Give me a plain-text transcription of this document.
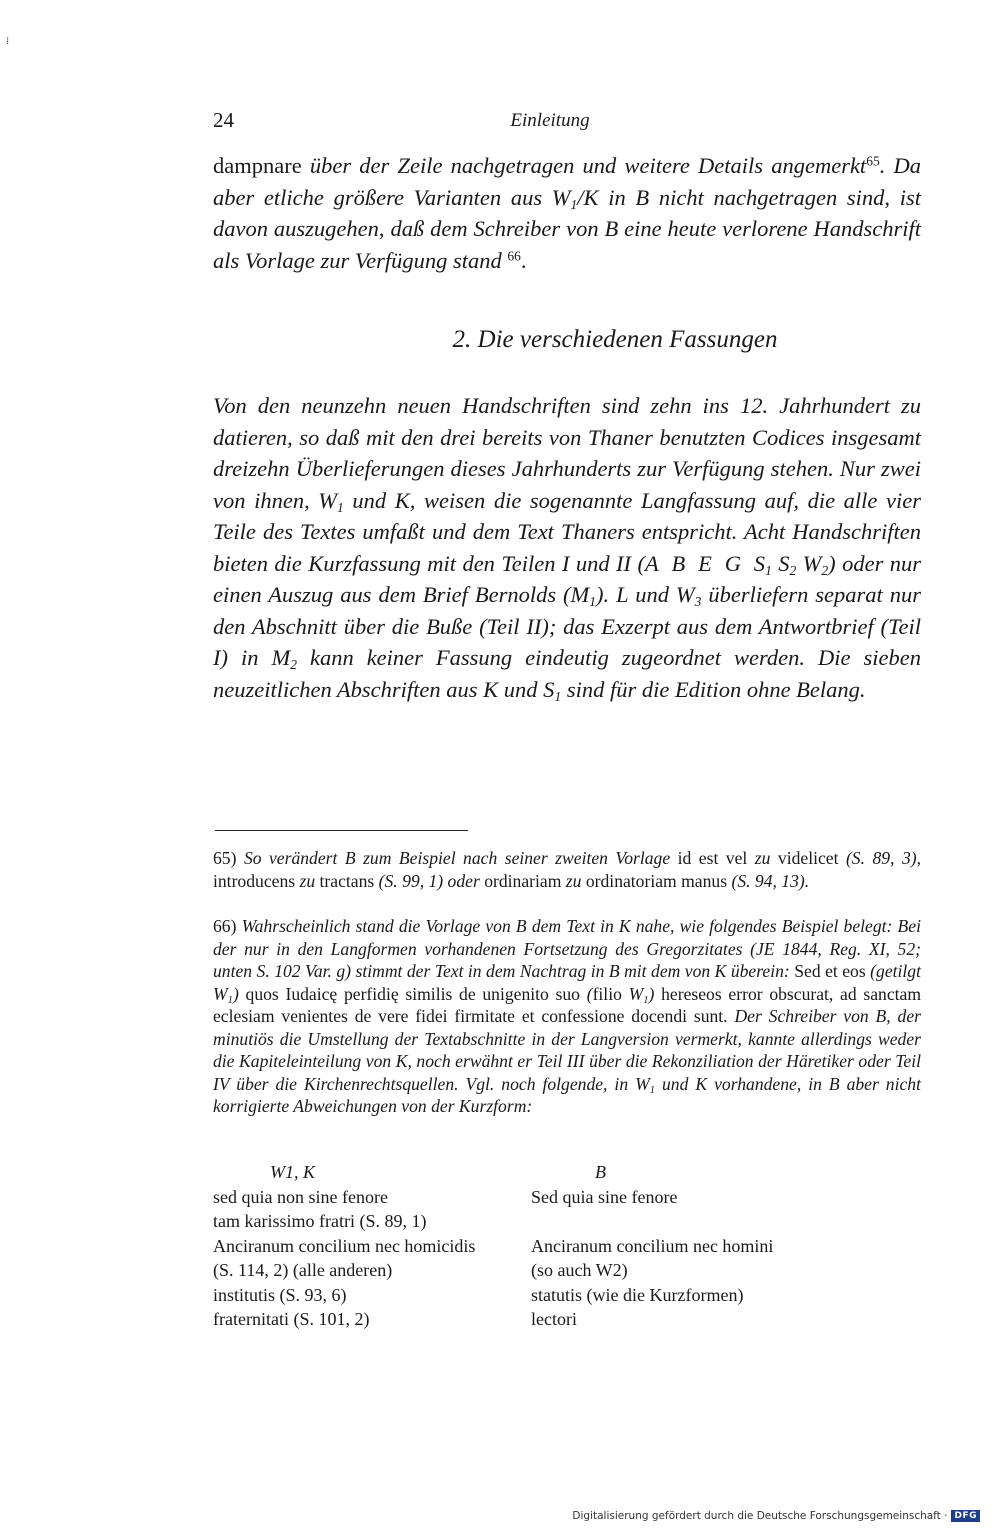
⁞
24	Einleitung

dampnare über der Zeile nachgetragen und weitere Details angemerkt$^{65}$. Da aber etliche größere Varianten aus $W_1/K$ in B nicht nachgetragen sind, ist davon auszugehen, daß dem Schreiber von B eine heute verlorene Handschrift als Vorlage zur Verfügung stand $^{66}$.

2. Die verschiedenen Fassungen

Von den neunzehn neuen Handschriften sind zehn ins 12. Jahrhundert zu datieren, so daß mit den drei bereits von Thaner benutzten Codices insgesamt dreizehn Überlieferungen dieses Jahrhunderts zur Verfügung stehen. Nur zwei von ihnen, $W_1$ und K, weisen die sogenannte Langfassung auf, die alle vier Teile des Textes umfaßt und dem Text Thaners entspricht. Acht Handschriften bieten die Kurzfassung mit den Teilen I und II (A  B  E  G  $S_1$ $S_2$ $W_2$) oder nur einen Auszug aus dem Brief Bernolds $(M_1)$. L und $W_3$ überliefern separat nur den Abschnitt über die Buße (Teil II); das Exzerpt aus dem Antwortbrief (Teil I) in $M_2$ kann keiner Fassung eindeutig zugeordnet werden. Die sieben neuzeitlichen Abschriften aus K und $S_1$ sind für die Edition ohne Belang.

65) So verändert B zum Beispiel nach seiner zweiten Vorlage id est vel zu videlicet (S. 89, 3), introducens zu tractans (S. 99, 1) oder ordinariam zu ordinatoriam manus (S. 94, 13).

66) Wahrscheinlich stand die Vorlage von B dem Text in K nahe, wie folgendes Beispiel belegt: Bei der nur in den Langformen vorhandenen Fortsetzung des Gregorzitates (JE 1844, Reg. XI, 52; unten S. 102 Var. g) stimmt der Text in dem Nachtrag in B mit dem von K überein: Sed et eos (getilgt $W_1$) quos Iudaicę perfidię similis de unigenito suo (filio $W_1$) hereseos error obscurat, ad sanctam eclesiam venientes de vere fidei firmitate et confessione docendi sunt. Der Schreiber von B, der minutiös die Umstellung der Textabschnitte in der Langversion vermerkt, kannte allerdings weder die Kapiteleinteilung von K, noch erwähnt er Teil III über die Rekonziliation der Häretiker oder Teil IV über die Kirchenrechtsquellen. Vgl. noch folgende, in $W_1$ und K vorhandene, in B aber nicht korrigierte Abweichungen von der Kurzform:

W1, K	B
sed quia non sine fenore	Sed quia sine fenore
tam karissimo fratri (S. 89, 1)
Anciranum concilium nec homicidis	Anciranum concilium nec homini
(S. 114, 2) (alle anderen)	(so auch W2)
institutis (S. 93, 6)	statutis (wie die Kurzformen)
fraternitati (S. 101, 2)	lectori
Digitalisierung gefördert durch die Deutsche Forschungsgemeinschaft · DFG
